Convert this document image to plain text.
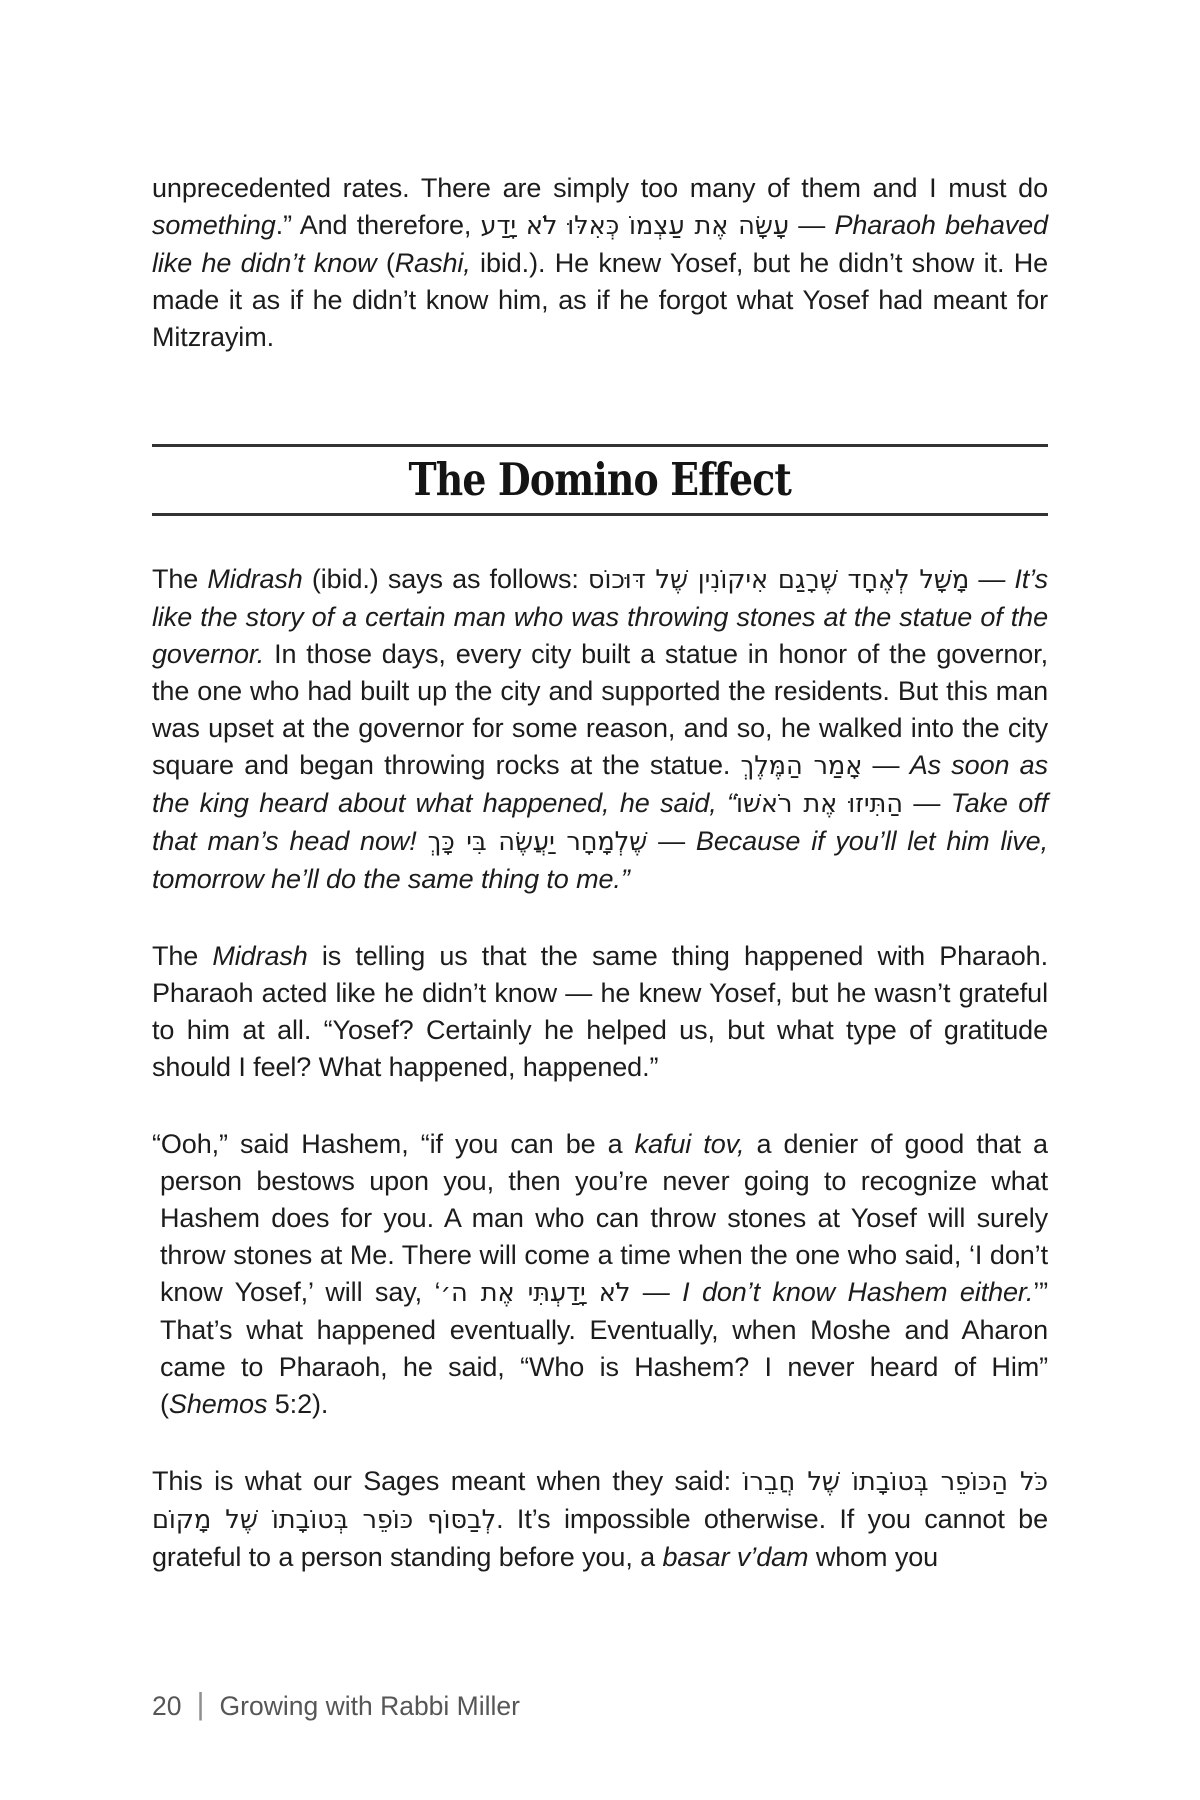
unprecedented rates. There are simply too many of them and I must do something.” And therefore, עָשָׂה אֶת עַצְמוֹ כְּאִלּוּ לֹא יָדַע — Pharaoh behaved like he didn’t know (Rashi, ibid.). He knew Yosef, but he didn’t show it. He made it as if he didn’t know him, as if he forgot what Yosef had meant for Mitzrayim.

The Domino Effect

The Midrash (ibid.) says as follows: מָשָׁל לְאֶחָד שֶׁרָגַם אִיקוֹנִין שֶׁל דּוּכוֹס — It’s like the story of a certain man who was throwing stones at the statue of the governor. In those days, every city built a statue in honor of the governor, the one who had built up the city and supported the residents. But this man was upset at the governor for some reason, and so, he walked into the city square and began throwing rocks at the statue. אָמַר הַמֶּלֶךְ — As soon as the king heard about what happened, he said, “הַתִּיזוּ אֶת רֹאשׁוֹ — Take off that man’s head now! שֶׁלְמָחָר יַעֲשֶׂה בִּי כָּךְ — Because if you’ll let him live, tomorrow he’ll do the same thing to me.”

The Midrash is telling us that the same thing happened with Pharaoh. Pharaoh acted like he didn’t know — he knew Yosef, but he wasn’t grateful to him at all. “Yosef? Certainly he helped us, but what type of gratitude should I feel? What happened, happened.”

“Ooh,” said Hashem, “if you can be a kafui tov, a denier of good that a person bestows upon you, then you’re never going to recognize what Hashem does for you. A man who can throw stones at Yosef will surely throw stones at Me. There will come a time when the one who said, ‘I don’t know Yosef,’ will say, ‘לֹא יָדַעְתִּי אֶת ה׳ — I don’t know Hashem either.’” That’s what happened eventually. Eventually, when Moshe and Aharon came to Pharaoh, he said, “Who is Hashem? I never heard of Him” (Shemos 5:2).

This is what our Sages meant when they said: כֹּל הַכּוֹפֵר בְּטוֹבָתוֹ שֶׁל חֲבֵרוֹ לְבַסּוֹף כּוֹפֵר בְּטוֹבָתוֹ שֶׁל מָקוֹם. It’s impossible otherwise. If you cannot be grateful to a person standing before you, a basar v’dam whom you

20 | Growing with Rabbi Miller
